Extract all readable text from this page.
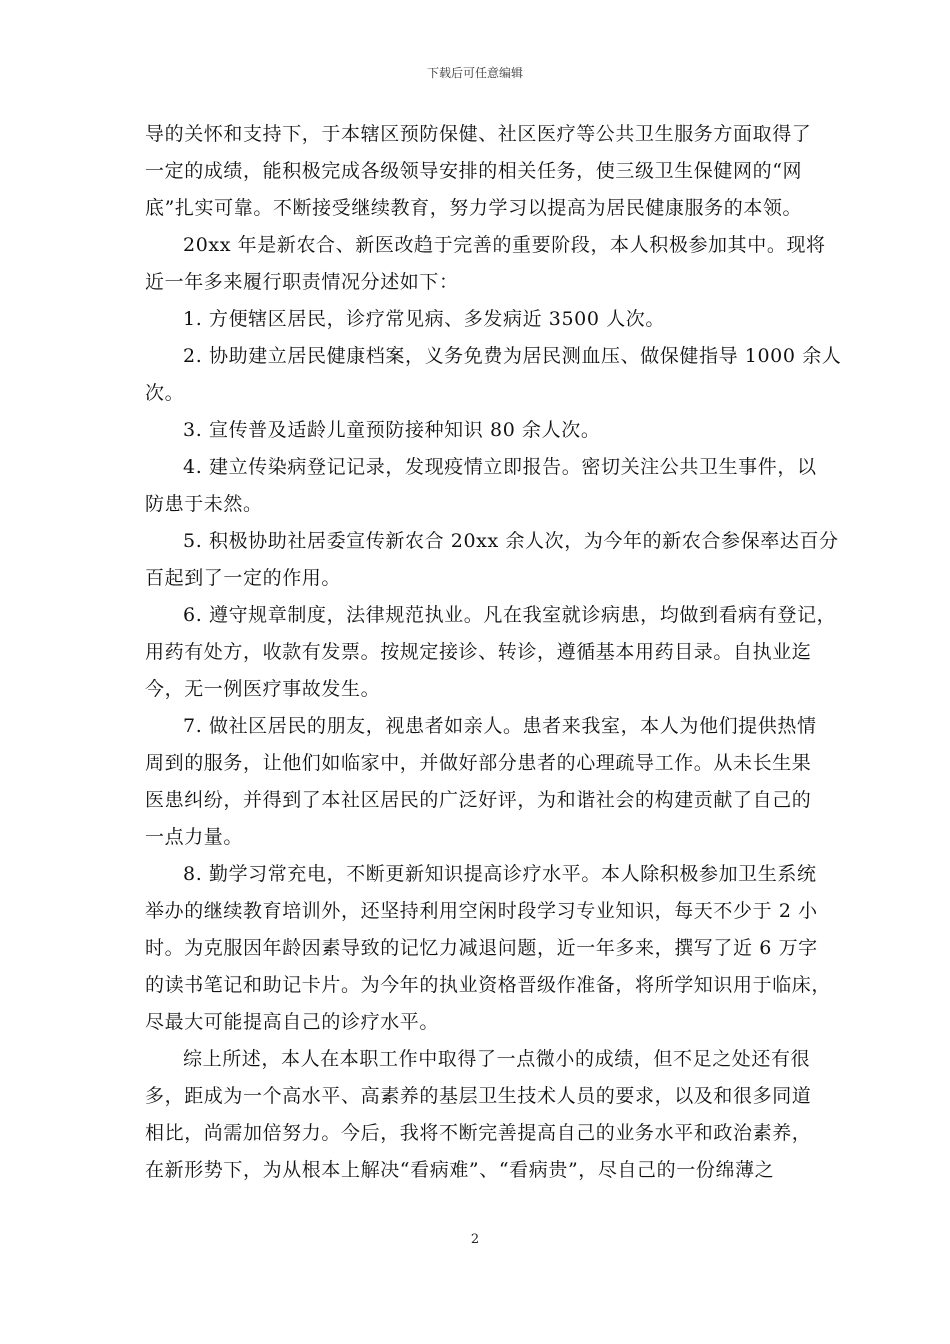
下载后可任意编辑
导的关怀和支持下，于本辖区预防保健、社区医疗等公共卫生服务方面取得了
一定的成绩，能积极完成各级领导安排的相关任务，使三级卫生保健网的“网
底”扎实可靠。不断接受继续教育，努力学习以提高为居民健康服务的本领。
20xx 年是新农合、新医改趋于完善的重要阶段，本人积极参加其中。现将
近一年多来履行职责情况分述如下：
1. 方便辖区居民，诊疗常见病、多发病近 3500 人次。
2. 协助建立居民健康档案，义务免费为居民测血压、做保健指导 1000 余人
次。
3. 宣传普及适龄儿童预防接种知识 80 余人次。
4. 建立传染病登记记录，发现疫情立即报告。密切关注公共卫生事件，以
防患于未然。
5. 积极协助社居委宣传新农合 20xx 余人次，为今年的新农合参保率达百分
百起到了一定的作用。
6. 遵守规章制度，法律规范执业。凡在我室就诊病患，均做到看病有登记，
用药有处方，收款有发票。按规定接诊、转诊，遵循基本用药目录。自执业迄
今，无一例医疗事故发生。
7. 做社区居民的朋友，视患者如亲人。患者来我室，本人为他们提供热情
周到的服务，让他们如临家中，并做好部分患者的心理疏导工作。从未长生果
医患纠纷，并得到了本社区居民的广泛好评，为和谐社会的构建贡献了自己的
一点力量。
8. 勤学习常充电，不断更新知识提高诊疗水平。本人除积极参加卫生系统
举办的继续教育培训外，还坚持利用空闲时段学习专业知识，每天不少于 2 小
时。为克服因年龄因素导致的记忆力减退问题，近一年多来，撰写了近 6 万字
的读书笔记和助记卡片。为今年的执业资格晋级作准备，将所学知识用于临床，
尽最大可能提高自己的诊疗水平。
综上所述，本人在本职工作中取得了一点微小的成绩，但不足之处还有很
多，距成为一个高水平、高素养的基层卫生技术人员的要求，以及和很多同道
相比，尚需加倍努力。今后，我将不断完善提高自己的业务水平和政治素养，
在新形势下，为从根本上解决“看病难”、“看病贵”，尽自己的一份绵薄之
2
